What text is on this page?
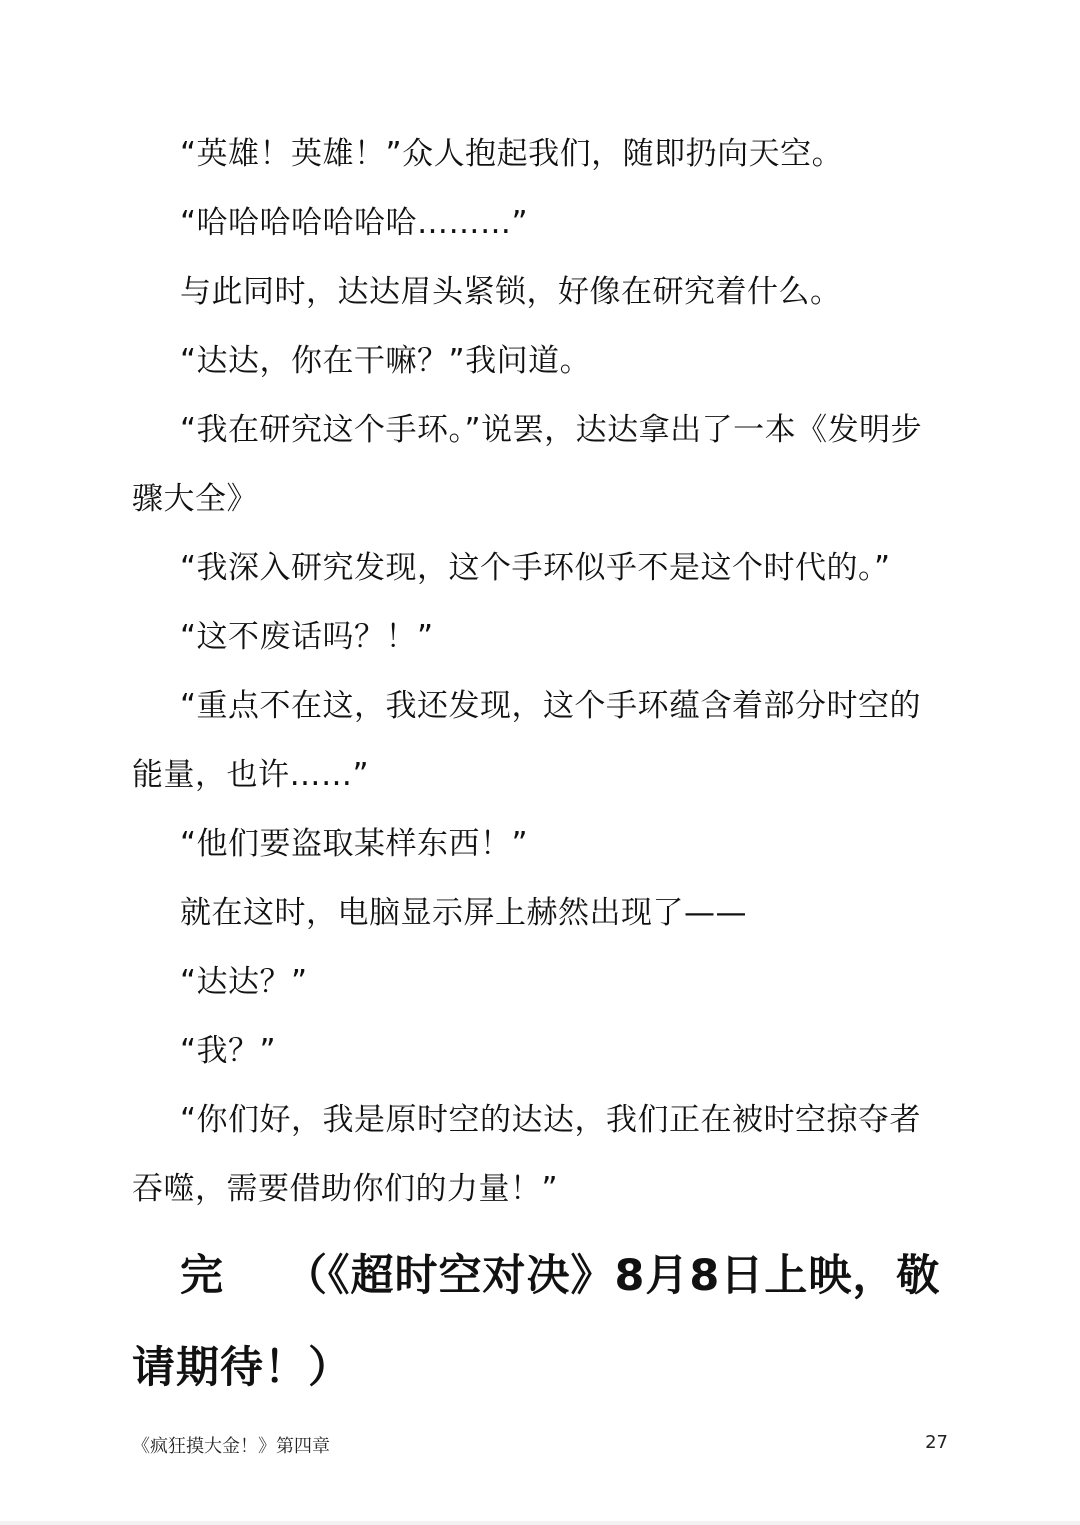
“英雄！英雄！”众人抱起我们，随即扔向天空。

“哈哈哈哈哈哈哈………”

与此同时，达达眉头紧锁，好像在研究着什么。

“达达，你在干嘛？”我问道。

“我在研究这个手环。”说罢，达达拿出了一本《发明步骤大全》

“我深入研究发现，这个手环似乎不是这个时代的。”

“这不废话吗？！”

“重点不在这，我还发现，这个手环蕴含着部分时空的能量，也许……”

“他们要盗取某样东西！”

就在这时，电脑显示屏上赫然出现了——

“达达？”

“我？”

“你们好，我是原时空的达达，我们正在被时空掠夺者吞噬，需要借助你们的力量！”

完 （《超时空对决》8月8日上映，敬请期待！）

《疯狂摸大金！》第四章	27
